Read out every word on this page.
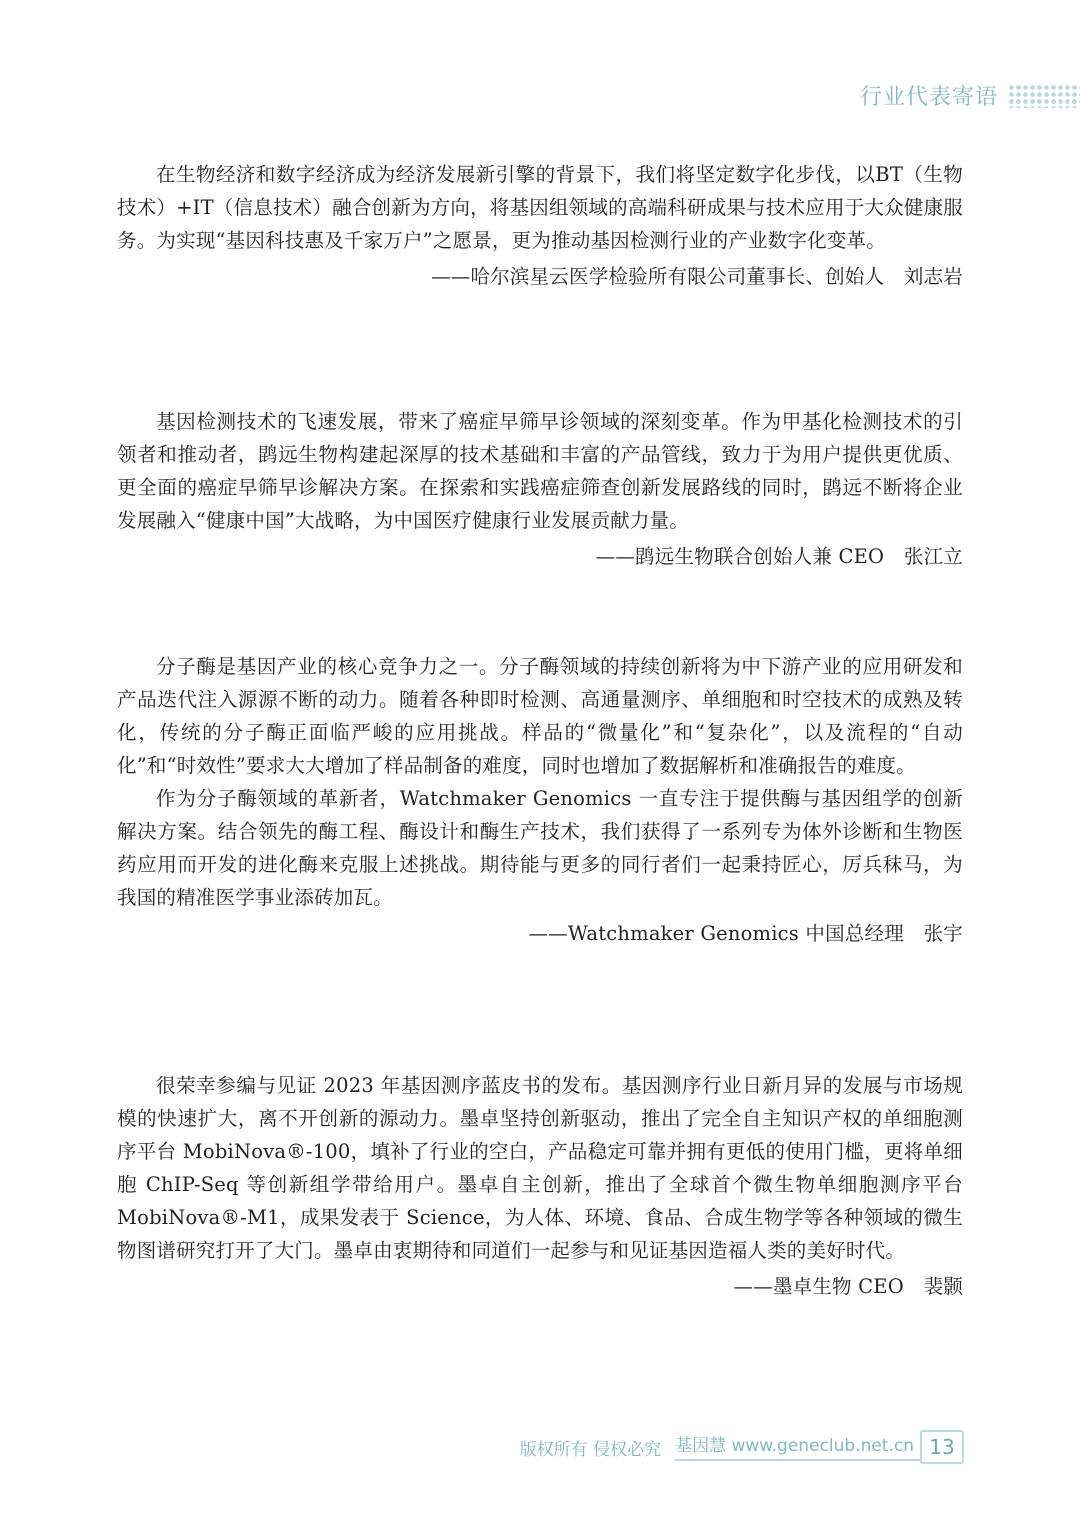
行业代表寄语

在生物经济和数字经济成为经济发展新引擎的背景下，我们将坚定数字化步伐，以BT（生物技术）+IT（信息技术）融合创新为方向，将基因组领域的高端科研成果与技术应用于大众健康服务。为实现“基因科技惠及千家万户”之愿景，更为推动基因检测行业的产业数字化变革。

——哈尔滨星云医学检验所有限公司董事长、创始人　刘志岩

基因检测技术的飞速发展，带来了癌症早筛早诊领域的深刻变革。作为甲基化检测技术的引领者和推动者，鹍远生物构建起深厚的技术基础和丰富的产品管线，致力于为用户提供更优质、更全面的癌症早筛早诊解决方案。在探索和实践癌症筛查创新发展路线的同时，鹍远不断将企业发展融入“健康中国”大战略，为中国医疗健康行业发展贡献力量。

——鹍远生物联合创始人兼 CEO　张江立

分子酶是基因产业的核心竞争力之一。分子酶领域的持续创新将为中下游产业的应用研发和产品迭代注入源源不断的动力。随着各种即时检测、高通量测序、单细胞和时空技术的成熟及转化，传统的分子酶正面临严峻的应用挑战。样品的“微量化”和“复杂化”，以及流程的“自动化”和“时效性”要求大大增加了样品制备的难度，同时也增加了数据解析和准确报告的难度。

作为分子酶领域的革新者，Watchmaker Genomics 一直专注于提供酶与基因组学的创新解决方案。结合领先的酶工程、酶设计和酶生产技术，我们获得了一系列专为体外诊断和生物医药应用而开发的进化酶来克服上述挑战。期待能与更多的同行者们一起秉持匠心，厉兵秣马，为我国的精准医学事业添砖加瓦。

——Watchmaker Genomics 中国总经理　张宇

很荣幸参编与见证 2023 年基因测序蓝皮书的发布。基因测序行业日新月异的发展与市场规模的快速扩大，离不开创新的源动力。墨卓坚持创新驱动，推出了完全自主知识产权的单细胞测序平台 MobiNova®-100，填补了行业的空白，产品稳定可靠并拥有更低的使用门槛，更将单细胞 ChIP-Seq 等创新组学带给用户。墨卓自主创新，推出了全球首个微生物单细胞测序平台 MobiNova®-M1，成果发表于 Science，为人体、环境、食品、合成生物学等各种领域的微生物图谱研究打开了大门。墨卓由衷期待和同道们一起参与和见证基因造福人类的美好时代。

——墨卓生物 CEO　裴颢

版权所有 侵权必究 基因慧 www.geneclub.net.cn 13
